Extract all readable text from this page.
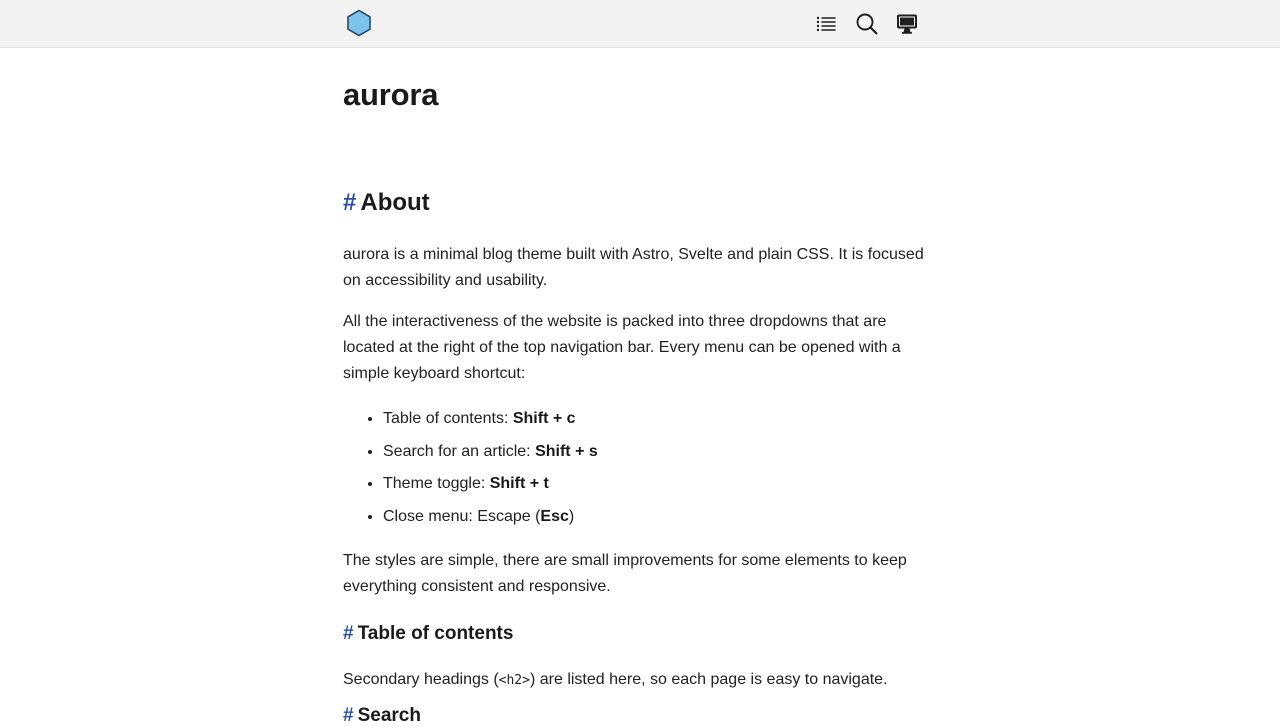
aurora
# About

aurora is a minimal blog theme built with Astro, Svelte and plain CSS. It is focused on accessibility and usability.

All the interactiveness of the website is packed into three dropdowns that are located at the right of the top navigation bar. Every menu can be opened with a simple keyboard shortcut:

• Table of contents: Shift + c
• Search for an article: Shift + s
• Theme toggle: Shift + t
• Close menu: Escape (Esc)

The styles are simple, there are small improvements for some elements to keep everything consistent and responsive.

# Table of contents

Secondary headings (<h2>) are listed here, so each page is easy to navigate.

# Search
